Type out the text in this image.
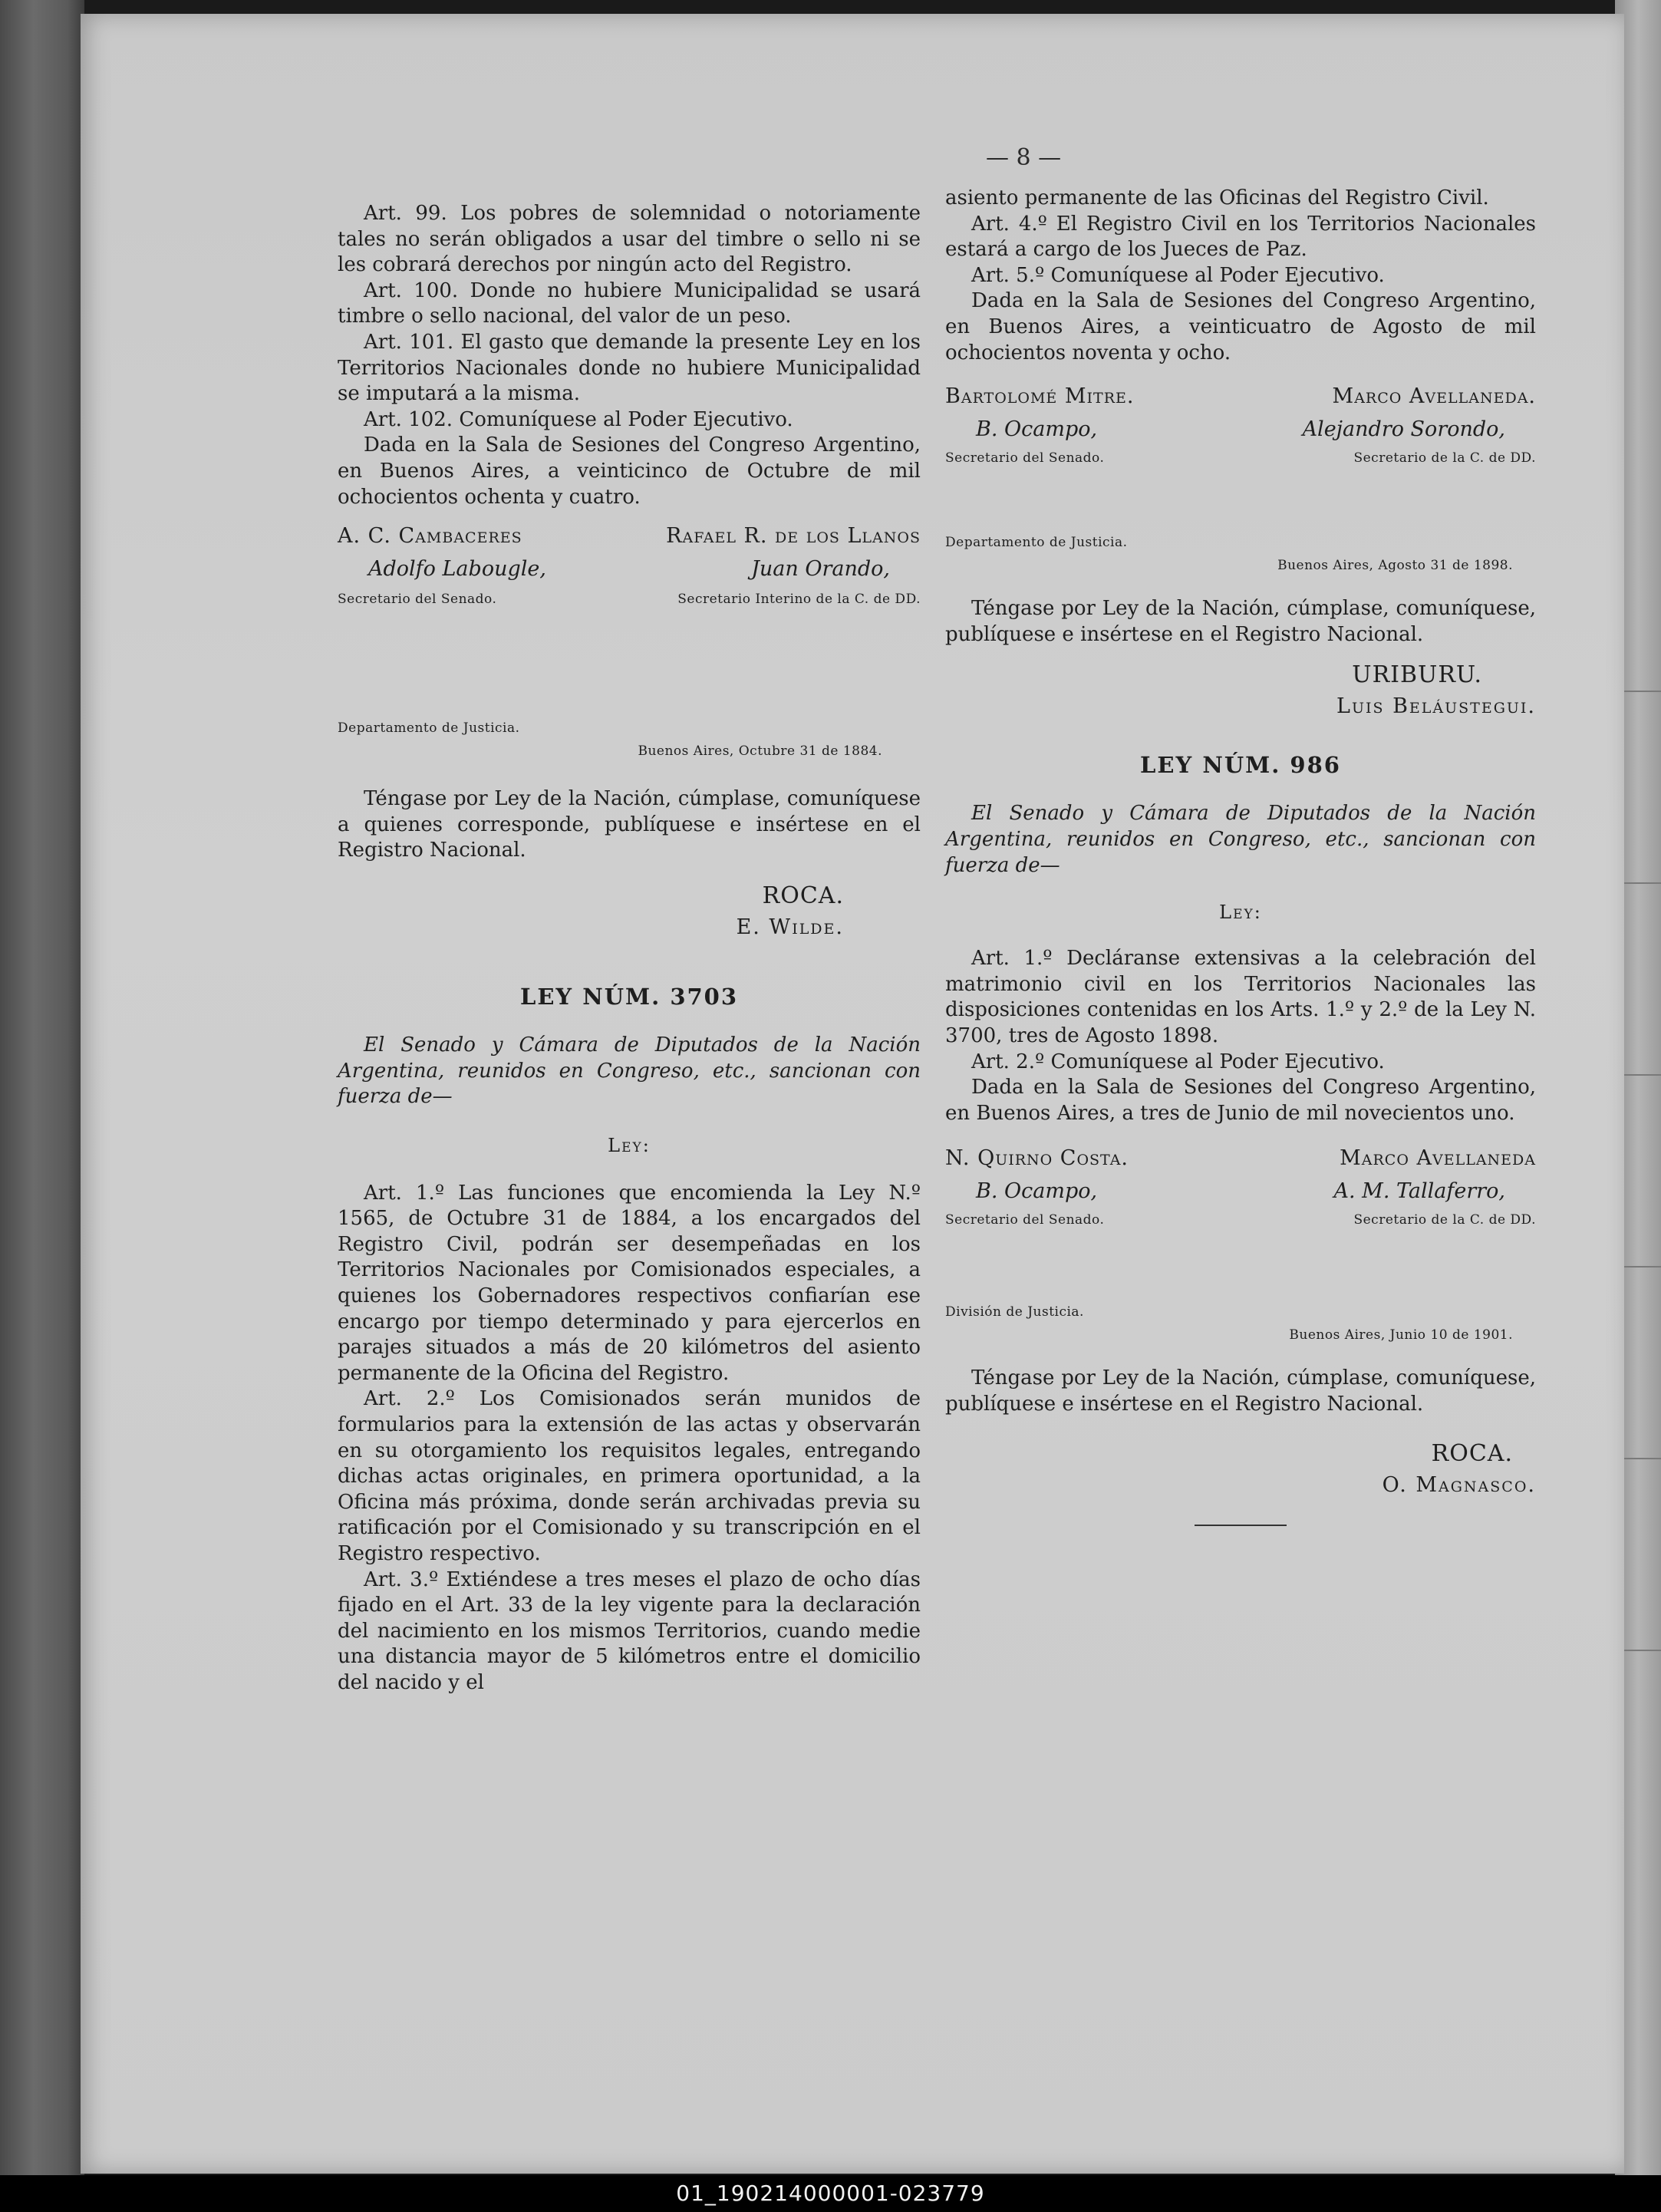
— 8 —

Art. 99. Los pobres de solemnidad o notoriamente tales no serán obligados a usar del timbre o sello ni se les cobrará derechos por ningún acto del Registro.

Art. 100. Donde no hubiere Municipalidad se usará timbre o sello nacional, del valor de un peso.

Art. 101. El gasto que demande la presente Ley en los Territorios Nacionales donde no hubiere Municipalidad se imputará a la misma.

Art. 102. Comuníquese al Poder Ejecutivo.

Dada en la Sala de Sesiones del Congreso Argentino, en Buenos Aires, a veinticinco de Octubre de mil ochocientos ochenta y cuatro.

A. C. Cambaceres	Rafael R. de los Llanos
Adolfo Labougle,	Juan Orando,
Secretario del Senado.	Secretario Interino de la C. de DD.
Departamento de Justicia.
Buenos Aires, Octubre 31 de 1884.

Téngase por Ley de la Nación, cúmplase, comuníquese a quienes corresponde, publíquese e insértese en el Registro Nacional.

ROCA.
E. Wilde.
LEY NÚM. 3703

El Senado y Cámara de Diputados de la Nación Argentina, reunidos en Congreso, etc., sancionan con fuerza de—

Ley:

Art. 1.º Las funciones que encomienda la Ley N.º 1565, de Octubre 31 de 1884, a los encargados del Registro Civil, podrán ser desempeñadas en los Territorios Nacionales por Comisionados especiales, a quienes los Gobernadores respectivos confiarían ese encargo por tiempo determinado y para ejercerlos en parajes situados a más de 20 kilómetros del asiento permanente de la Oficina del Registro.

Art. 2.º Los Comisionados serán munidos de formularios para la extensión de las actas y observarán en su otorgamiento los requisitos legales, entregando dichas actas originales, en primera oportunidad, a la Oficina más próxima, donde serán archivadas previa su ratificación por el Comisionado y su transcripción en el Registro respectivo.

Art. 3.º Extiéndese a tres meses el plazo de ocho días fijado en el Art. 33 de la ley vigente para la declaración del nacimiento en los mismos Territorios, cuando medie una distancia mayor de 5 kilómetros entre el domicilio del nacido y el

asiento permanente de las Oficinas del Registro Civil.

Art. 4.º El Registro Civil en los Territorios Nacionales estará a cargo de los Jueces de Paz.

Art. 5.º Comuníquese al Poder Ejecutivo.

Dada en la Sala de Sesiones del Congreso Argentino, en Buenos Aires, a veinticuatro de Agosto de mil ochocientos noventa y ocho.

Bartolomé Mitre.	Marco Avellaneda.
B. Ocampo,	Alejandro Sorondo,
Secretario del Senado.	Secretario de la C. de DD.
Departamento de Justicia.
Buenos Aires, Agosto 31 de 1898.

Téngase por Ley de la Nación, cúmplase, comuníquese, publíquese e insértese en el Registro Nacional.

URIBURU.
Luis Beláustegui.
LEY NÚM. 986

El Senado y Cámara de Diputados de la Nación Argentina, reunidos en Congreso, etc., sancionan con fuerza de—

Ley:

Art. 1.º Decláranse extensivas a la celebración del matrimonio civil en los Territorios Nacionales las disposiciones contenidas en los Arts. 1.º y 2.º de la Ley N. 3700, tres de Agosto 1898.

Art. 2.º Comuníquese al Poder Ejecutivo.

Dada en la Sala de Sesiones del Congreso Argentino, en Buenos Aires, a tres de Junio de mil novecientos uno.

N. Quirno Costa.	Marco Avellaneda
B. Ocampo,	A. M. Tallaferro,
Secretario del Senado.	Secretario de la C. de DD.
División de Justicia.
Buenos Aires, Junio 10 de 1901.

Téngase por Ley de la Nación, cúmplase, comuníquese, publíquese e insértese en el Registro Nacional.

ROCA.
O. Magnasco.
01_190214000001-023779
